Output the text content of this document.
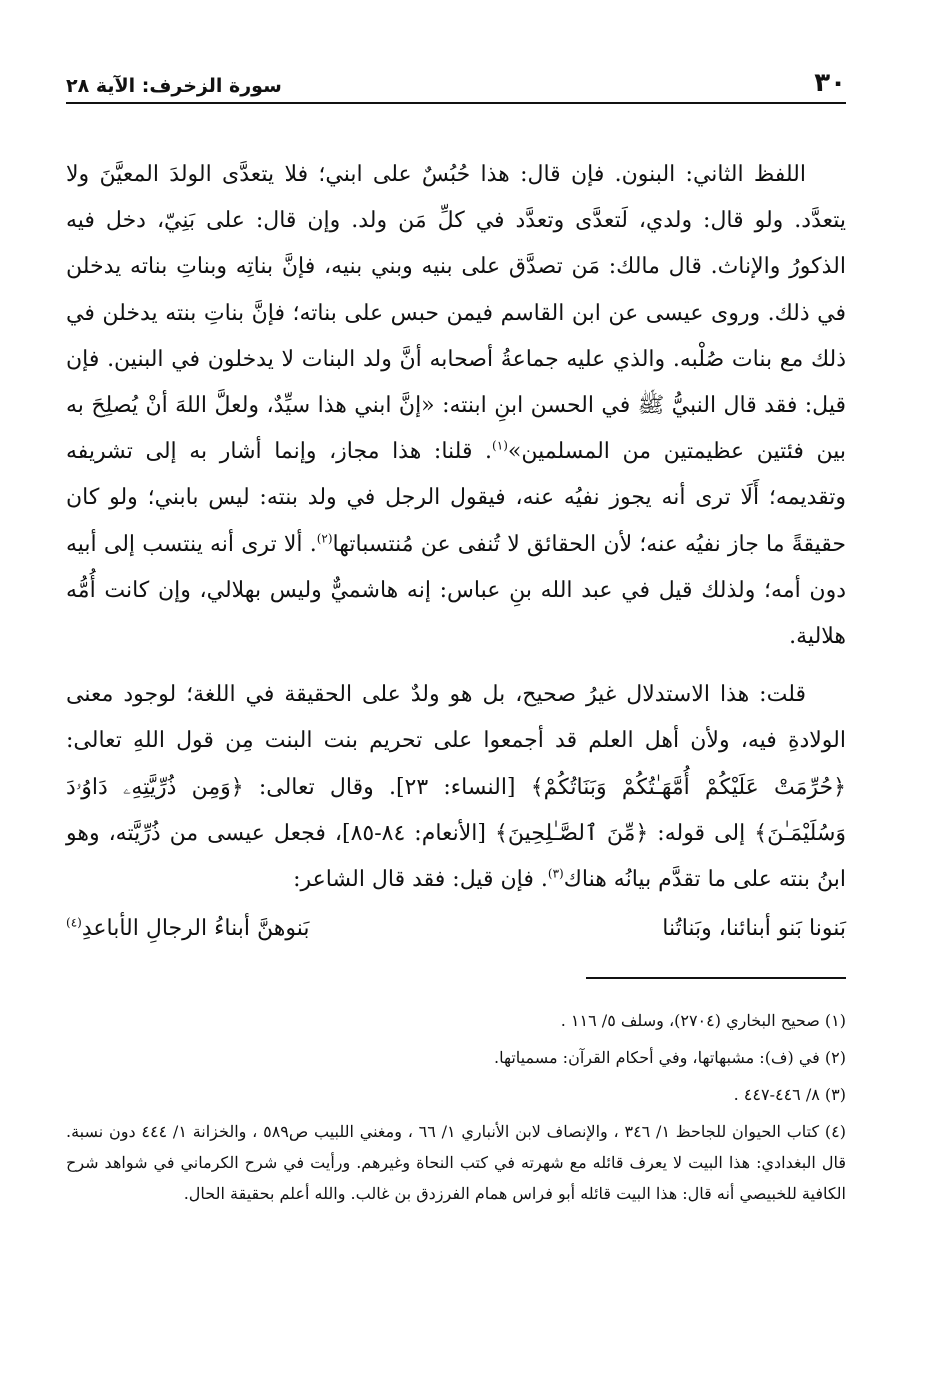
٣٠
سورة الزخرف: الآية ٢٨

اللفظ الثاني: البنون. فإن قال: هذا حُبُسٌ على ابني؛ فلا يتعدَّى الولدَ المعيَّنَ ولا يتعدَّد. ولو قال: ولدي، لَتعدَّى وتعدَّد في كلِّ مَن ولد. وإن قال: على بَنِيّ، دخل فيه الذكورُ والإناث. قال مالك: مَن تصدَّق على بنيه وبني بنيه، فإنَّ بناتِه وبناتِ بناته يدخلن في ذلك. وروى عيسى عن ابن القاسم فيمن حبس على بناته؛ فإنَّ بناتِ بنته يدخلن في ذلك مع بنات صُلْبه. والذي عليه جماعةُ أصحابه أنَّ ولد البنات لا يدخلون في البنين. فإن قيل: فقد قال النبيُّ ﷺ في الحسن ابنِ ابنته: «إنَّ ابني هذا سيِّدٌ، ولعلَّ اللهَ أنْ يُصلِحَ به بين فئتين عظيمتين من المسلمين»$^{(١)}$. قلنا: هذا مجاز، وإنما أشار به إلى تشريفه وتقديمه؛ أَلَا ترى أنه يجوز نفيُه عنه، فيقول الرجل في ولد بنته: ليس بابني؛ ولو كان حقيقةً ما جاز نفيُه عنه؛ لأن الحقائق لا تُنفى عن مُنتسباتها$^{(٢)}$. ألا ترى أنه ينتسب إلى أبيه دون أمه؛ ولذلك قيل في عبد الله بنِ عباس: إنه هاشميٌّ وليس بهلالي، وإن كانت أُمُّه هلالية.

قلت: هذا الاستدلال غيرُ صحيح، بل هو ولدٌ على الحقيقة في اللغة؛ لوجود معنى الولادةِ فيه، ولأن أهل العلم قد أجمعوا على تحريم بنت البنت مِن قول اللهِ تعالى: ﴿حُرِّمَتْ عَلَيْكُمْ أُمَّهَـٰتُكُمْ وَبَنَاتُكُمْ﴾ [النساء: ٢٣]. وقال تعالى: ﴿وَمِن ذُرِّيَّتِهِۦ دَاوُۥدَ وَسُلَيْمَـٰنَ﴾ إلى قوله: ﴿مِّنَ ٱلصَّـٰلِحِينَ﴾ [الأنعام: ٨٤-٨٥]، فجعل عيسى من ذُرِّيَّته، وهو ابنُ بنته على ما تقدَّم بيانُه هناك$^{(٣)}$. فإن قيل: فقد قال الشاعر:

بَنونا بَنو أبنائنا، وبَناتُنا
بَنوهنَّ أبناءُ الرجالِ الأباعدِ$^{(٤)}$

(١) صحيح البخاري (٢٧٠٤)، وسلف ٥/ ١١٦ .

(٢) في (ف): مشبهاتها، وفي أحكام القرآن: مسمياتها.

(٣) ٨/ ٤٤٦-٤٤٧ .

(٤) كتاب الحيوان للجاحظ ١/ ٣٤٦ ، والإنصاف لابن الأنباري ١/ ٦٦ ، ومغني اللبيب ص٥٨٩ ، والخزانة ١/ ٤٤٤ دون نسبة. قال البغدادي: هذا البيت لا يعرف قائله مع شهرته في كتب النحاة وغيرهم. ورأيت في شرح الكرماني في شواهد شرح الكافية للخبيصي أنه قال: هذا البيت قائله أبو فراس همام الفرزدق بن غالب. والله أعلم بحقيقة الحال.
